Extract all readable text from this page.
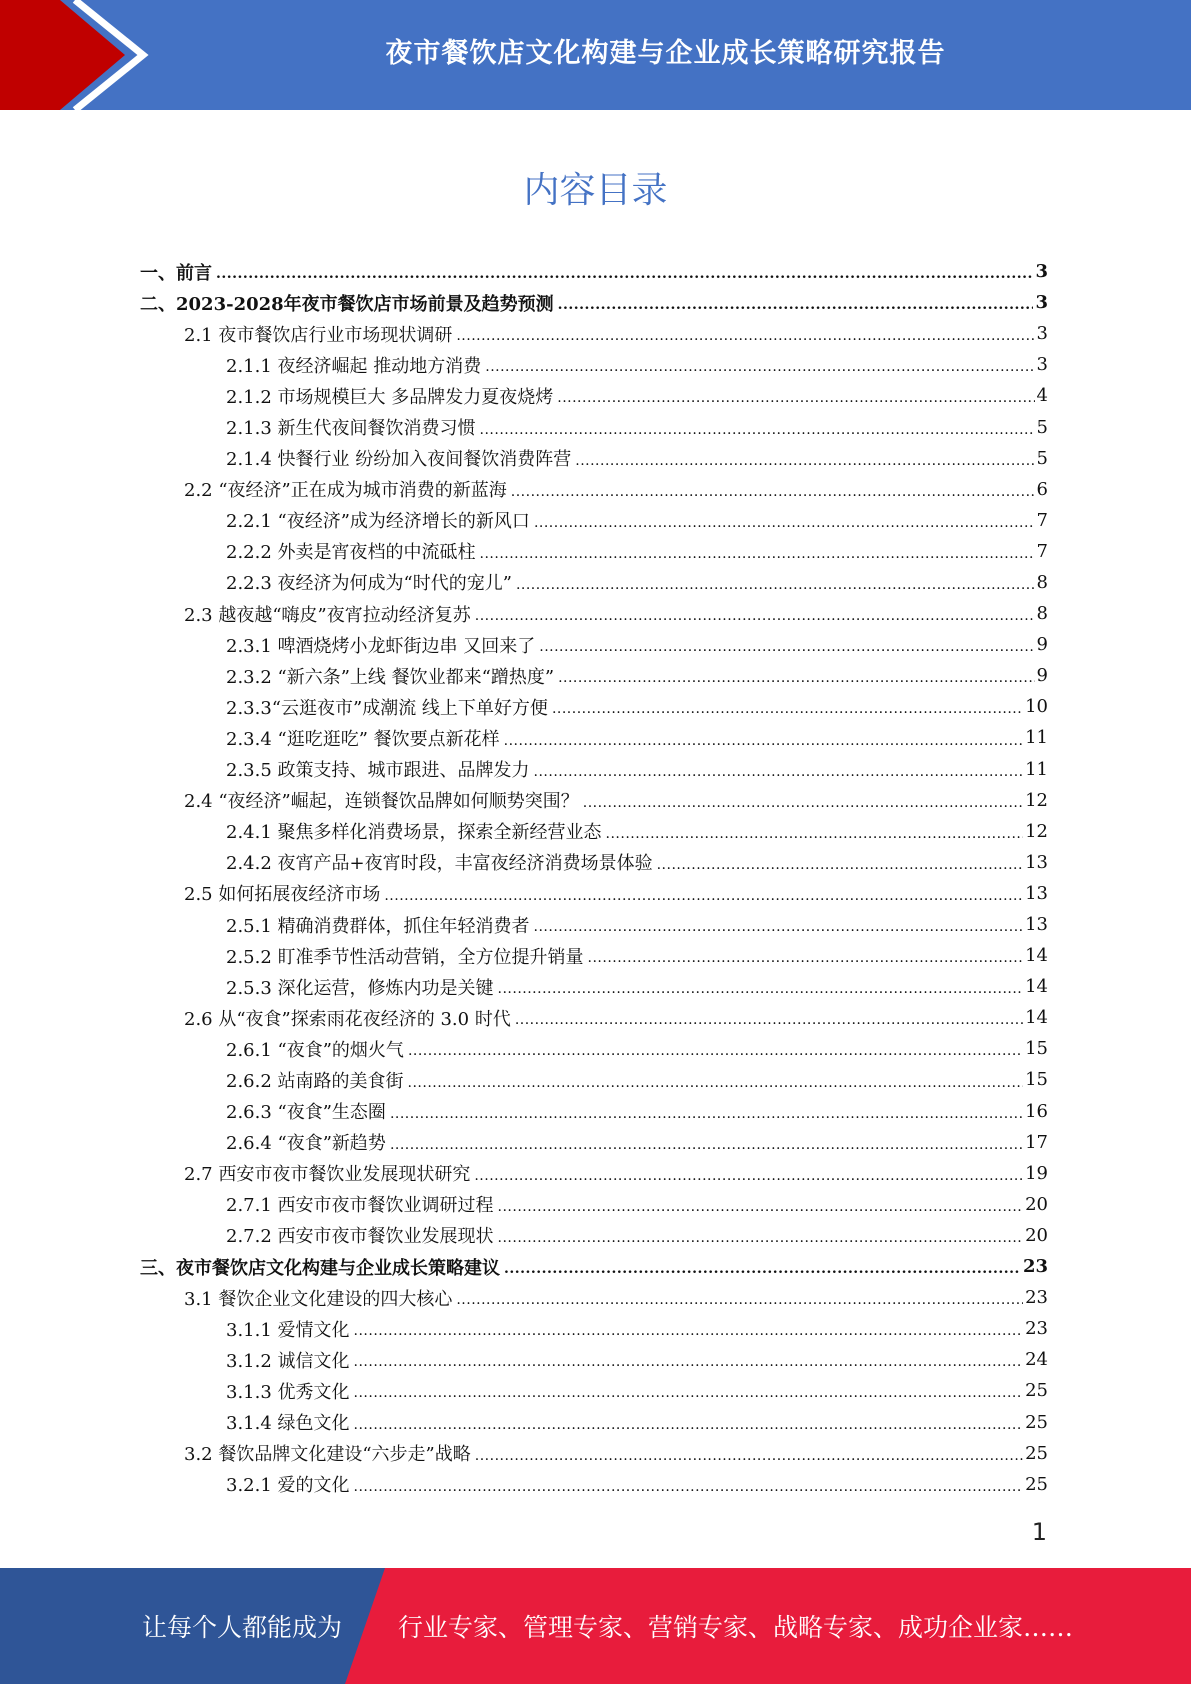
夜市餐饮店文化构建与企业成长策略研究报告
内容目录
一、前言 .....	3
二、2023-2028年夜市餐饮店市场前景及趋势预测 .....	3
2.1 夜市餐饮店行业市场现状调研 .....	3
2.1.1 夜经济崛起 推动地方消费 .....	3
2.1.2 市场规模巨大 多品牌发力夏夜烧烤 .....	4
2.1.3 新生代夜间餐饮消费习惯 .....	5
2.1.4 快餐行业 纷纷加入夜间餐饮消费阵营 .....	5
2.2 “夜经济”正在成为城市消费的新蓝海 .....	6
2.2.1 “夜经济”成为经济增长的新风口 .....	7
2.2.2 外卖是宵夜档的中流砥柱 .....	7
2.2.3 夜经济为何成为“时代的宠儿” .....	8
2.3 越夜越“嗨皮”夜宵拉动经济复苏 .....	8
2.3.1 啤酒烧烤小龙虾街边串 又回来了 .....	9
2.3.2 “新六条”上线 餐饮业都来“蹭热度” .....	9
2.3.3“云逛夜市”成潮流 线上下单好方便 .....	10
2.3.4 “逛吃逛吃” 餐饮要点新花样 .....	11
2.3.5 政策支持、城市跟进、品牌发力 .....	11
2.4 “夜经济”崛起，连锁餐饮品牌如何顺势突围？ .....	12
2.4.1 聚焦多样化消费场景，探索全新经营业态 .....	12
2.4.2 夜宵产品+夜宵时段，丰富夜经济消费场景体验 .....	13
2.5 如何拓展夜经济市场 .....	13
2.5.1 精确消费群体，抓住年轻消费者 .....	13
2.5.2 盯准季节性活动营销，全方位提升销量 .....	14
2.5.3 深化运营，修炼内功是关键 .....	14
2.6 从“夜食”探索雨花夜经济的 3.0 时代 .....	14
2.6.1 “夜食”的烟火气 .....	15
2.6.2 站南路的美食街 .....	15
2.6.3 “夜食”生态圈 .....	16
2.6.4 “夜食”新趋势 .....	17
2.7 西安市夜市餐饮业发展现状研究 .....	19
2.7.1 西安市夜市餐饮业调研过程 .....	20
2.7.2 西安市夜市餐饮业发展现状 .....	20
三、夜市餐饮店文化构建与企业成长策略建议 .....	23
3.1 餐饮企业文化建设的四大核心 .....	23
3.1.1 爱情文化 .....	23
3.1.2 诚信文化 .....	24
3.1.3 优秀文化 .....	25
3.1.4 绿色文化 .....	25
3.2 餐饮品牌文化建设“六步走”战略 .....	25
3.2.1 爱的文化 .....	25
1
让每个人都能成为 行业专家、管理专家、营销专家、战略专家、成功企业家……
